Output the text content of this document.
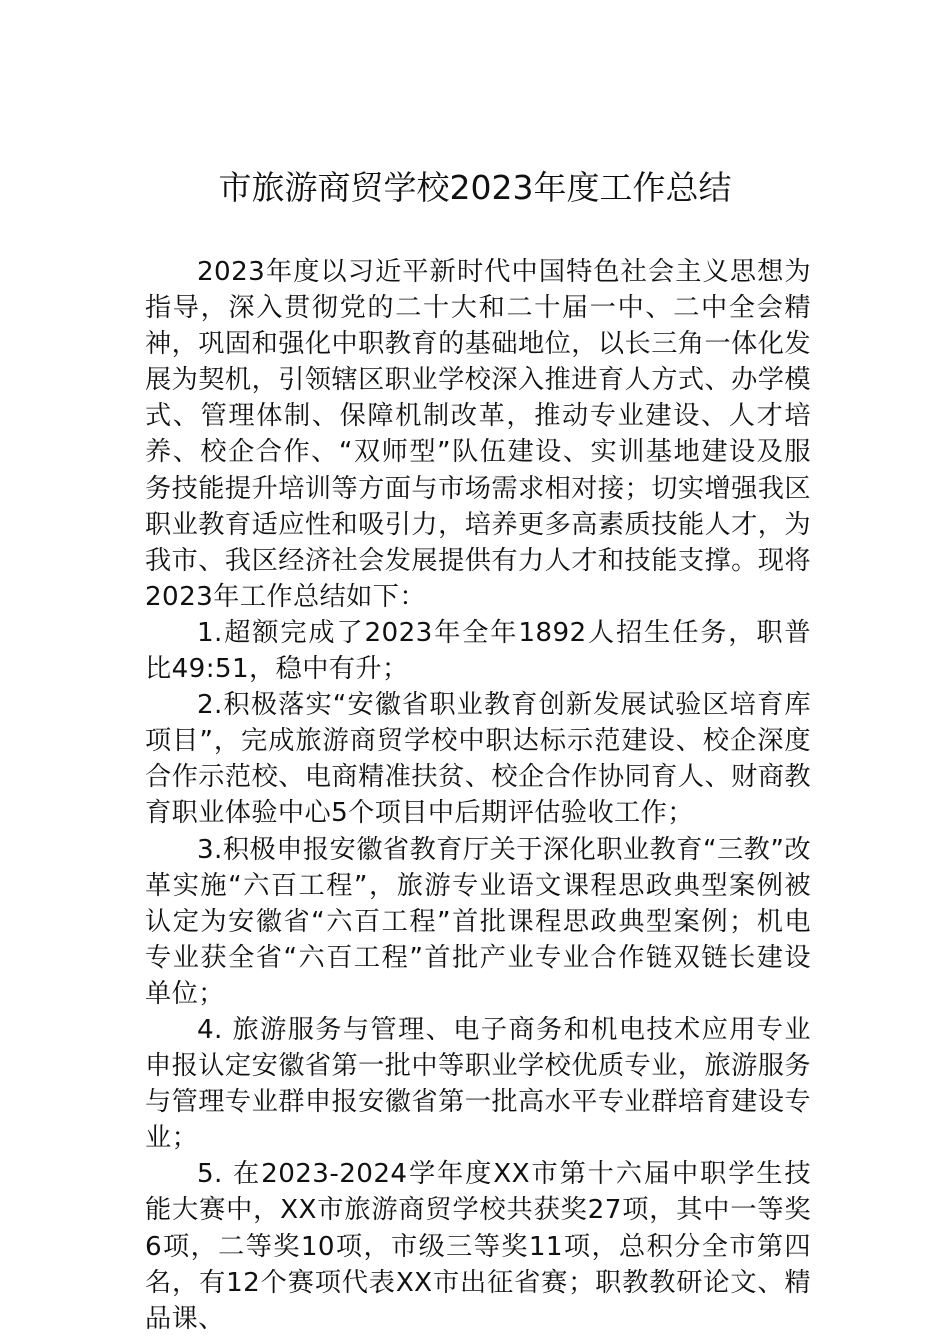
市旅游商贸学校2023年度工作总结

2023年度以习近平新时代中国特色社会主义思想为指导，深入贯彻党的二十大和二十届一中、二中全会精神，巩固和强化中职教育的基础地位，以长三角一体化发展为契机，引领辖区职业学校深入推进育人方式、办学模式、管理体制、保障机制改革，推动专业建设、人才培养、校企合作、“双师型”队伍建设、实训基地建设及服务技能提升培训等方面与市场需求相对接；切实增强我区职业教育适应性和吸引力，培养更多高素质技能人才，为我市、我区经济社会发展提供有力人才和技能支撑。现将2023年工作总结如下：

1.超额完成了2023年全年1892人招生任务，职普比49:51，稳中有升；

2.积极落实“安徽省职业教育创新发展试验区培育库项目”，完成旅游商贸学校中职达标示范建设、校企深度合作示范校、电商精准扶贫、校企合作协同育人、财商教育职业体验中心5个项目中后期评估验收工作；

3.积极申报安徽省教育厅关于深化职业教育“三教”改革实施“六百工程”，旅游专业语文课程思政典型案例被认定为安徽省“六百工程”首批课程思政典型案例；机电专业获全省“六百工程”首批产业专业合作链双链长建设单位；

4. 旅游服务与管理、电子商务和机电技术应用专业申报认定安徽省第一批中等职业学校优质专业，旅游服务与管理专业群申报安徽省第一批高水平专业群培育建设专业；

5. 在2023-2024学年度XX市第十六届中职学生技能大赛中，XX市旅游商贸学校共获奖27项，其中一等奖6项，二等奖10项，市级三等奖11项，总积分全市第四名，有12个赛项代表XX市出征省赛；职教教研论文、精品课、
